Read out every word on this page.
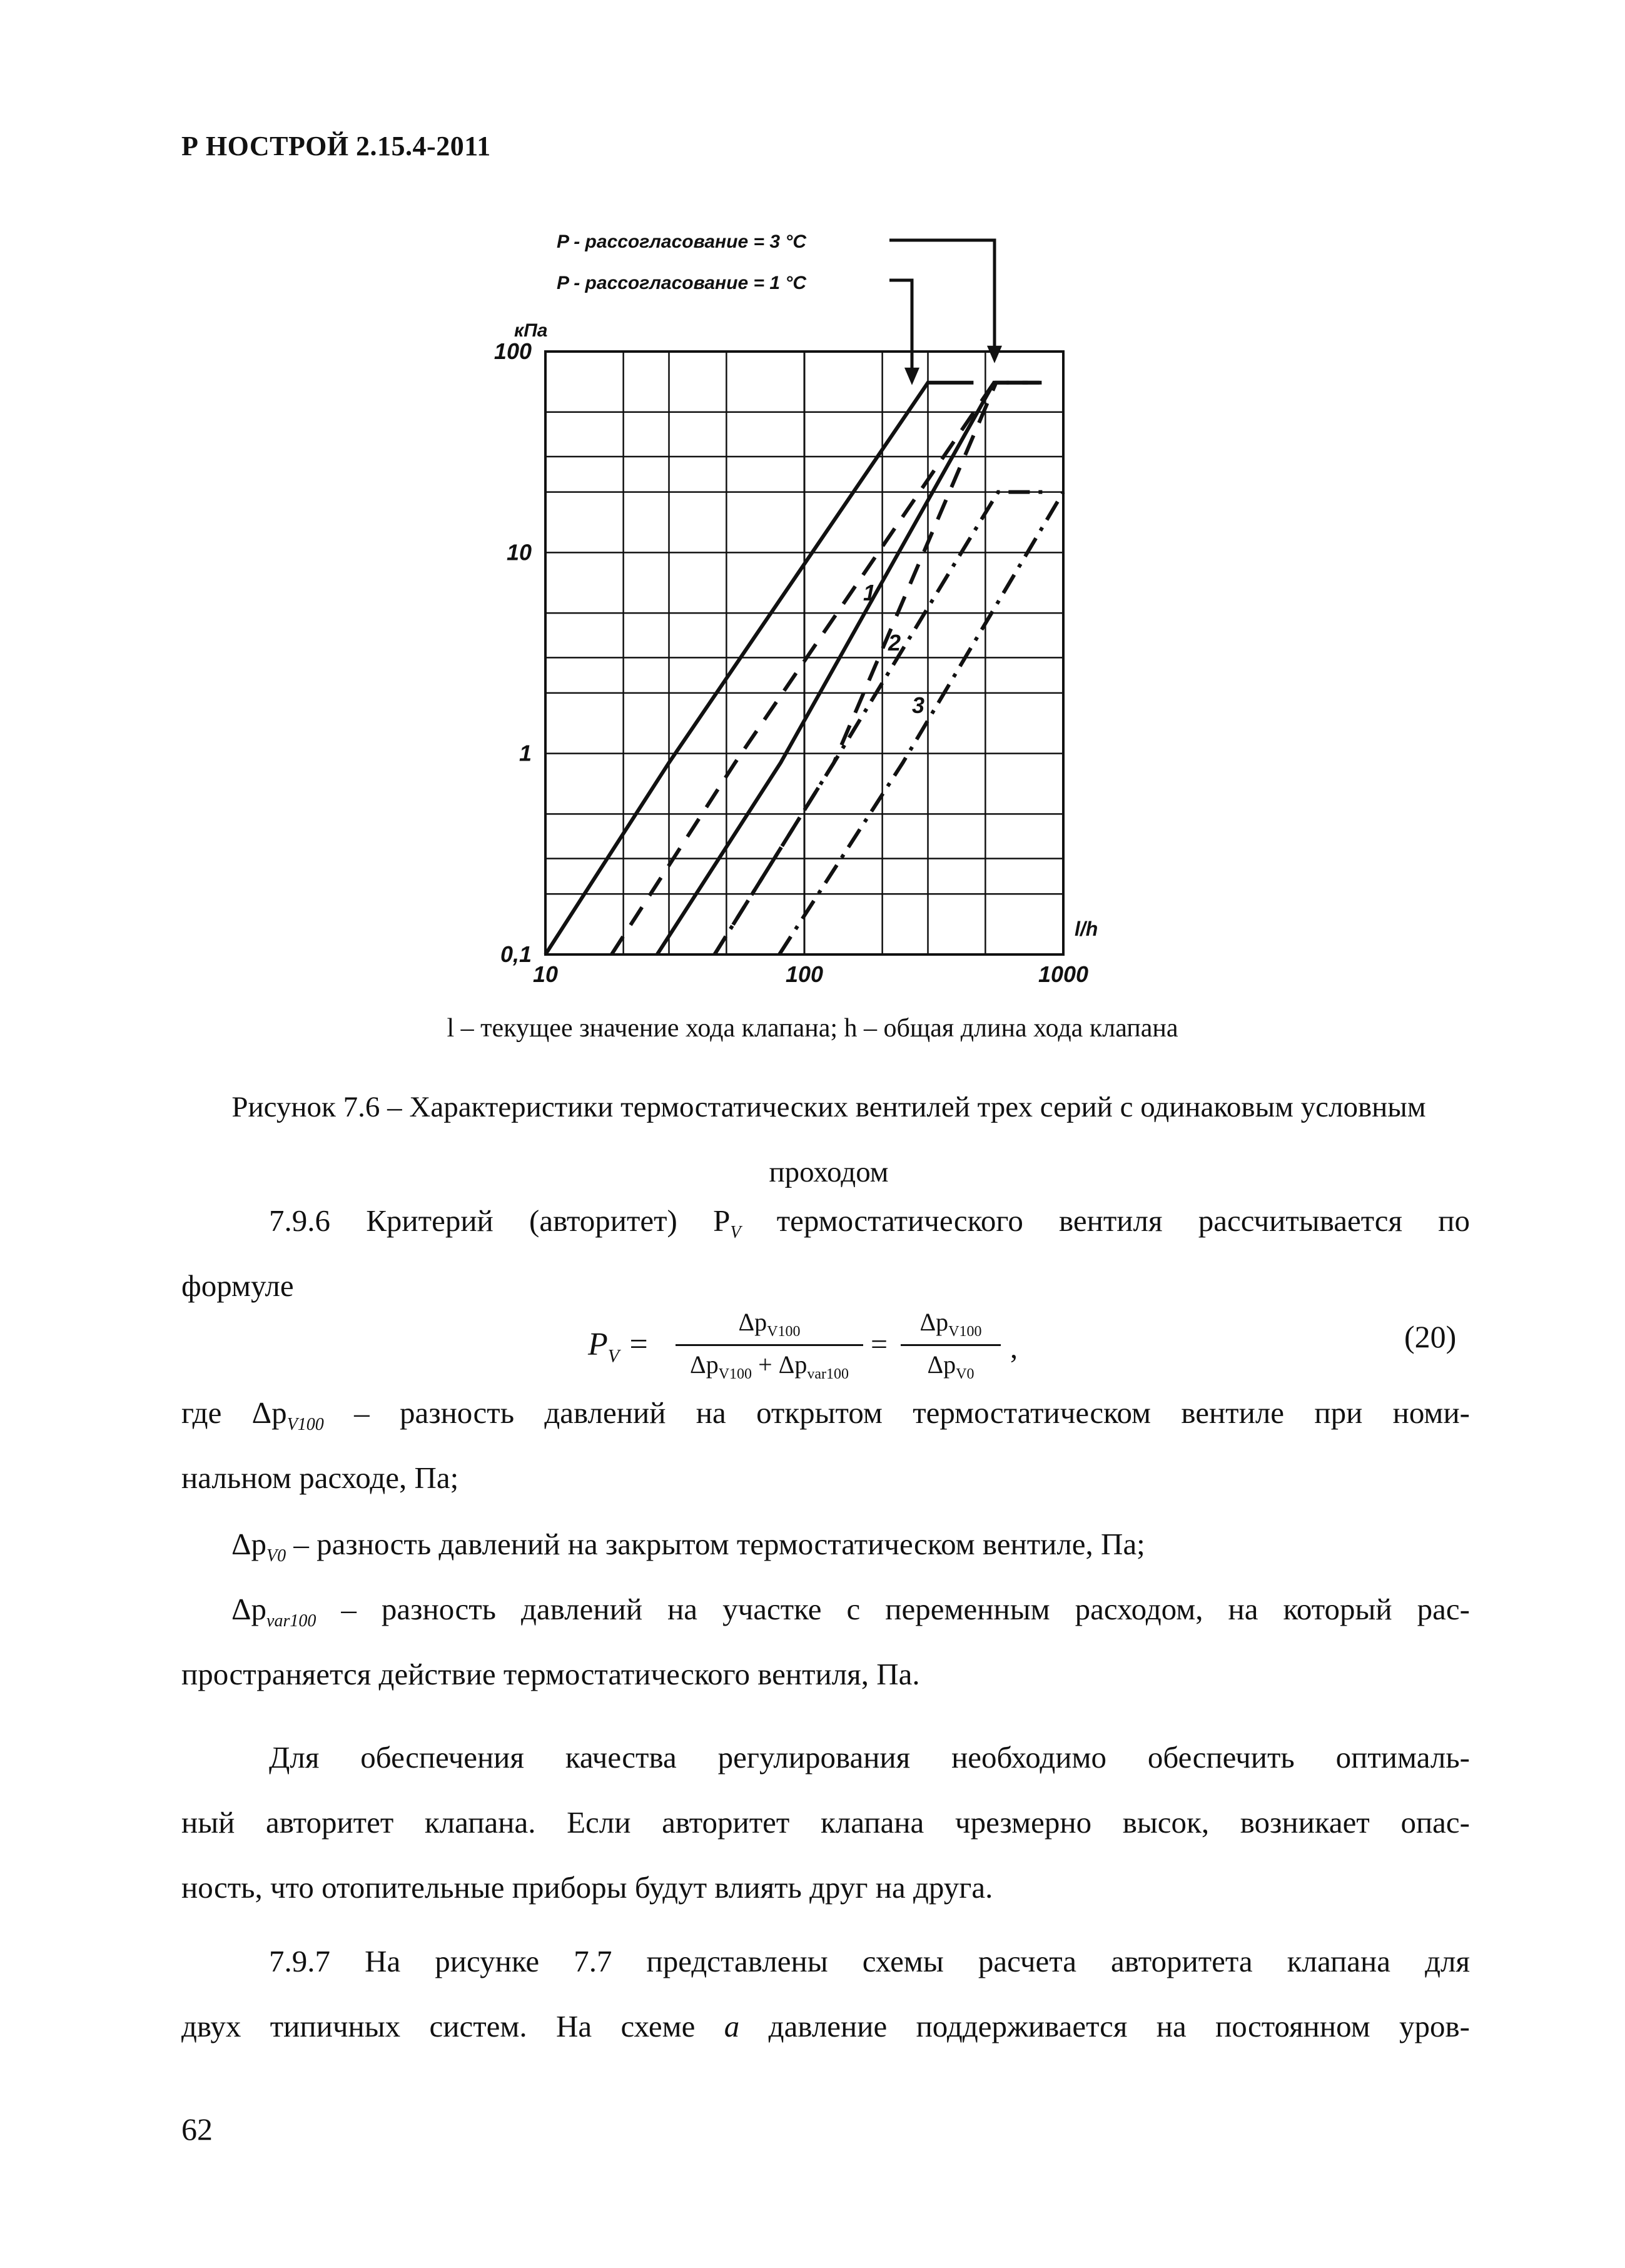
Р НОСТРОЙ 2.15.4-2011
P - рассогласование = 3 °C
P - рассогласование = 1 °C
0,1
1
10
100
10	100	1000
кПа
l/h
1
2
3
l – текущее значение хода клапана; h – общая длина хода клапана
Рисунок 7.6 – Характеристики термостатических вентилей трех серий с одинаковым условным проходом
7.9.6 Критерий (авторитет) $P_V$ термостатического вентиля рассчитывается по
формуле
$P_V$ =
$\Delta p_{V100}$
$\Delta p_{V100} + \Delta p_{var100}$
=
$\Delta p_{V100}$
$\Delta p_{V0}$
,	(20)
где $\Delta p_{V100}$ – разность давлений на открытом термостатическом вентиле при номи-
нальном расходе, Па;
$\Delta p_{V0}$ – разность давлений на закрытом термостатическом вентиле, Па;
$\Delta p_{var100}$ – разность давлений на участке с переменным расходом, на который рас-
пространяется действие термостатического вентиля, Па.
Для обеспечения качества регулирования необходимо обеспечить оптималь-
ный авторитет клапана. Если авторитет клапана чрезмерно высок, возникает опас-
ность, что отопительные приборы будут влиять друг на друга.
7.9.7 На рисунке 7.7 представлены схемы расчета авторитета клапана для
двух типичных систем. На схеме а давление поддерживается на постоянном уров-
62
